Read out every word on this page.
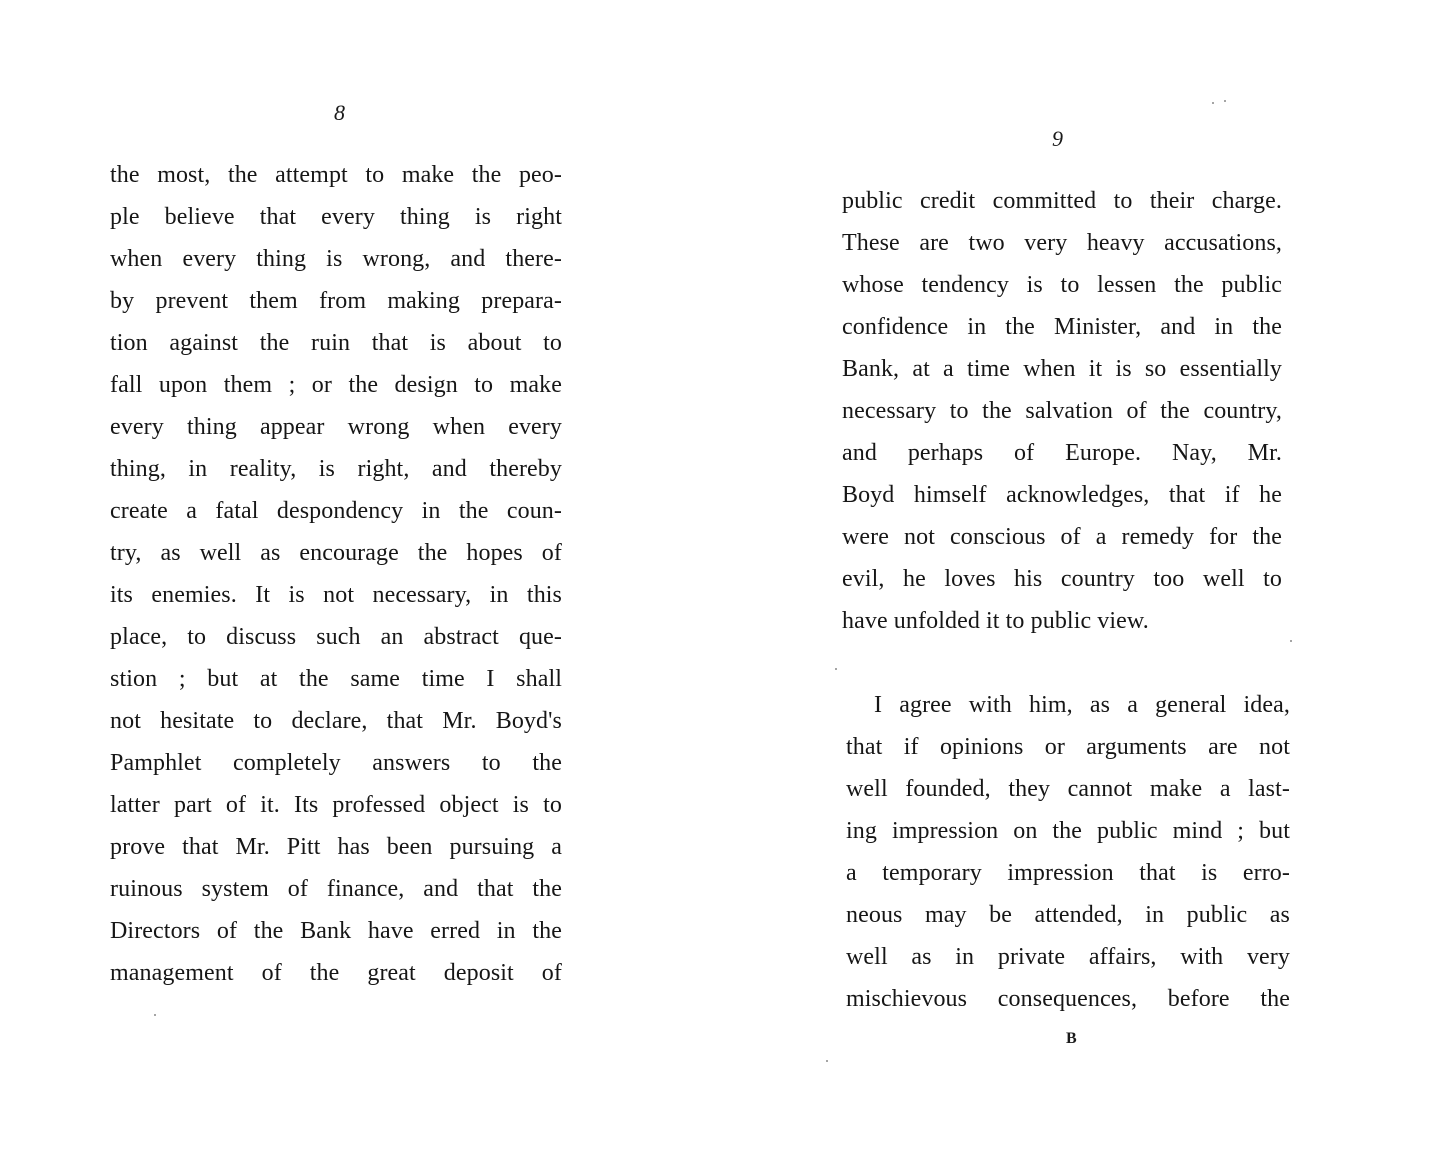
8
the most, the attempt to make the peo-
ple believe that every thing is right
when every thing is wrong, and there-
by prevent them from making prepara-
tion against the ruin that is about to
fall upon them ; or the design to make
every thing appear wrong when every
thing, in reality, is right, and thereby
create a fatal despondency in the coun-
try, as well as encourage the hopes of
its enemies. It is not necessary, in this
place, to discuss such an abstract que-
stion ; but at the same time I shall
not hesitate to declare, that Mr. Boyd's
Pamphlet completely answers to the
latter part of it. Its professed object is to
prove that Mr. Pitt has been pursuing a
ruinous system of finance, and that the
Directors of the Bank have erred in the
management of the great deposit of
9
public credit committed to their charge.
These are two very heavy accusations,
whose tendency is to lessen the public
confidence in the Minister, and in the
Bank, at a time when it is so essentially
necessary to the salvation of the country,
and perhaps of Europe. Nay, Mr.
Boyd himself acknowledges, that if he
were not conscious of a remedy for the
evil, he loves his country too well to
have unfolded it to public view.
I agree with him, as a general idea,
that if opinions or arguments are not
well founded, they cannot make a last-
ing impression on the public mind ; but
a temporary impression that is erro-
neous may be attended, in public as
well as in private affairs, with very
mischievous consequences, before the
B
